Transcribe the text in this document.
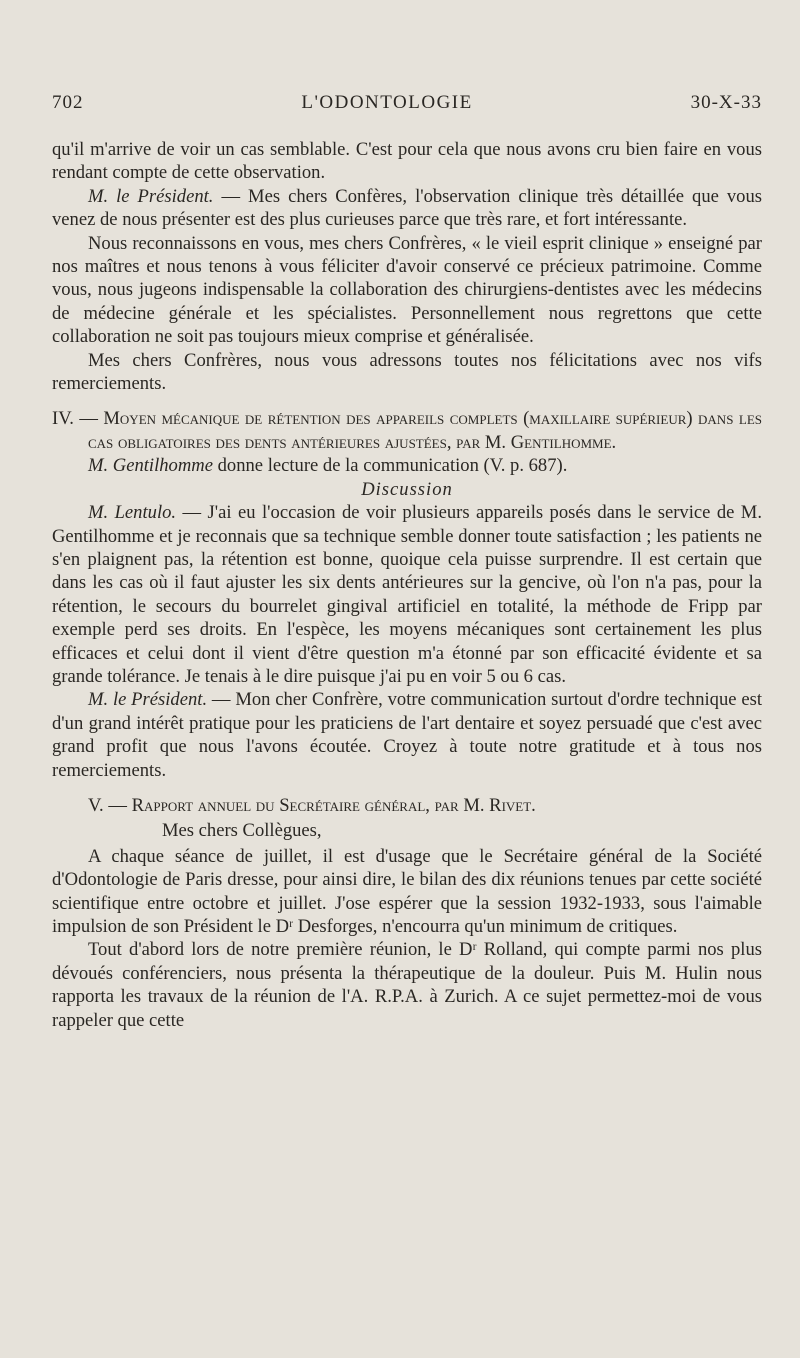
702	L'ODONTOLOGIE	30-X-33

qu'il m'arrive de voir un cas semblable. C'est pour cela que nous avons cru bien faire en vous rendant compte de cette observation.

M. le Président. — Mes chers Confères, l'observation clinique très détaillée que vous venez de nous présenter est des plus curieuses parce que très rare, et fort intéressante.

Nous reconnaissons en vous, mes chers Confrères, « le vieil esprit clinique » enseigné par nos maîtres et nous tenons à vous féliciter d'avoir conservé ce précieux patrimoine. Comme vous, nous jugeons indispensable la collaboration des chirurgiens-dentistes avec les médecins de médecine générale et les spécialistes. Personnellement nous regrettons que cette collaboration ne soit pas toujours mieux comprise et généralisée.

Mes chers Confrères, nous vous adressons toutes nos félicitations avec nos vifs remerciements.

IV. — Moyen mécanique de rétention des appareils complets (maxillaire supérieur) dans les cas obligatoires des dents antérieures ajustées, par M. Gentilhomme.

M. Gentilhomme donne lecture de la communication (V. p. 687).

Discussion

M. Lentulo. — J'ai eu l'occasion de voir plusieurs appareils posés dans le service de M. Gentilhomme et je reconnais que sa technique semble donner toute satisfaction ; les patients ne s'en plaignent pas, la rétention est bonne, quoique cela puisse surprendre. Il est certain que dans les cas où il faut ajuster les six dents antérieures sur la gencive, où l'on n'a pas, pour la rétention, le secours du bourrelet gingival artificiel en totalité, la méthode de Fripp par exemple perd ses droits. En l'espèce, les moyens mécaniques sont certainement les plus efficaces et celui dont il vient d'être question m'a étonné par son efficacité évidente et sa grande tolérance. Je tenais à le dire puisque j'ai pu en voir 5 ou 6 cas.

M. le Président. — Mon cher Confrère, votre communication surtout d'ordre technique est d'un grand intérêt pratique pour les praticiens de l'art dentaire et soyez persuadé que c'est avec grand profit que nous l'avons écoutée. Croyez à toute notre gratitude et à tous nos remerciements.

V. — Rapport annuel du Secrétaire général, par M. Rivet.

Mes chers Collègues,

A chaque séance de juillet, il est d'usage que le Secrétaire général de la Société d'Odontologie de Paris dresse, pour ainsi dire, le bilan des dix réunions tenues par cette société scientifique entre octobre et juillet. J'ose espérer que la session 1932-1933, sous l'aimable impulsion de son Président le Dʳ Desforges, n'encourra qu'un minimum de critiques.

Tout d'abord lors de notre première réunion, le Dʳ Rolland, qui compte parmi nos plus dévoués conférenciers, nous présenta la thérapeutique de la douleur. Puis M. Hulin nous rapporta les travaux de la réunion de l'A. R.P.A. à Zurich. A ce sujet permettez-moi de vous rappeler que cette
